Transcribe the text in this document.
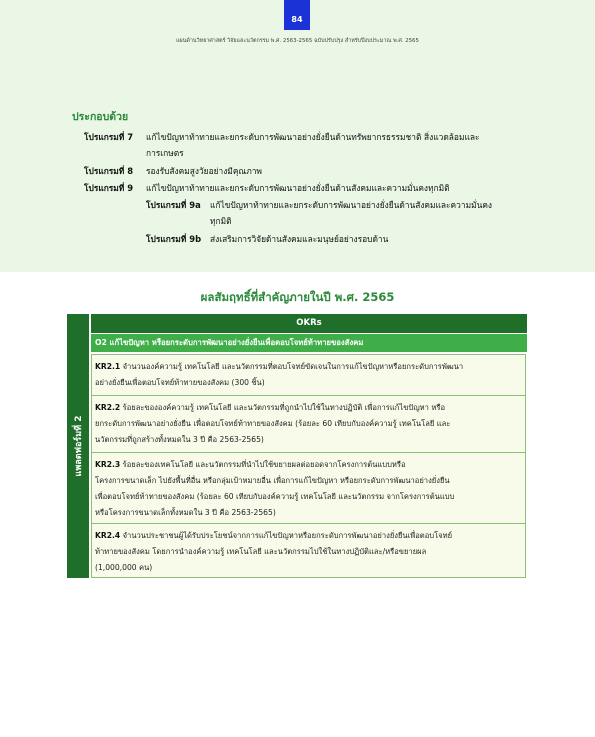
84
แผนด้านวิทยาศาสตร์ วิจัยและนวัตกรรม พ.ศ. 2563-2565 ฉบับปรับปรุง สำหรับปีงบประมาณ พ.ศ. 2565
ประกอบด้วย
โปรแกรมที่ 7 แก้ไขปัญหาท้าทายและยกระดับการพัฒนาอย่างยั่งยืนด้านทรัพยากรธรรมชาติ สิ่งแวดล้อมและ
การเกษตร
โปรแกรมที่ 8 รองรับสังคมสูงวัยอย่างมีคุณภาพ
โปรแกรมที่ 9 แก้ไขปัญหาท้าทายและยกระดับการพัฒนาอย่างยั่งยืนด้านสังคมและความมั่นคงทุกมิติ
โปรแกรมที่ 9a แก้ไขปัญหาท้าทายและยกระดับการพัฒนาอย่างยั่งยืนด้านสังคมและความมั่นคง
ทุกมิติ
โปรแกรมที่ 9b ส่งเสริมการวิจัยด้านสังคมและมนุษย์อย่างรอบด้าน
ผลสัมฤทธิ์ที่สำคัญภายในปี พ.ศ. 2565
แพลตฟอร์มที่ 2
OKRs
O2 แก้ไขปัญหา หรือยกระดับการพัฒนาอย่างยั่งยืนเพื่อตอบโจทย์ท้าทายของสังคม
KR2.1 จำนวนองค์ความรู้ เทคโนโลยี และนวัตกรรมที่ตอบโจทย์ขัดเจนในการแก้ไขปัญหาหรือยกระดับการพัฒนา
อย่างยั่งยืนเพื่อตอบโจทย์ท้าทายของสังคม (300 ชิ้น)
KR2.2 ร้อยละขององค์ความรู้ เทคโนโลยี และนวัตกรรมที่ถูกนำไปใช้ในทางปฏิบัติ เพื่อการแก้ไขปัญหา หรือ
ยกระดับการพัฒนาอย่างยั่งยืน เพื่อตอบโจทย์ท้าทายของสังคม (ร้อยละ 60 เทียบกับองค์ความรู้ เทคโนโลยี และ
นวัตกรรมที่ถูกสร้างทั้งหมดใน 3 ปี คือ 2563-2565)
KR2.3 ร้อยละของเทคโนโลยี และนวัตกรรมที่นำไปใช้ขยายผลต่อยอดจากโครงการต้นแบบหรือ
โครงการขนาดเล็ก ไปยังพื้นที่อื่น หรือกลุ่มเป้าหมายอื่น เพื่อการแก้ไขปัญหา หรือยกระดับการพัฒนาอย่างยั่งยืน
เพื่อตอบโจทย์ท้าทายของสังคม (ร้อยละ 60 เทียบกับองค์ความรู้ เทคโนโลยี และนวัตกรรม จากโครงการต้นแบบ
หรือโครงการขนาดเล็กทั้งหมดใน 3 ปี คือ 2563-2565)
KR2.4 จำนวนประชาชนผู้ได้รับประโยชน์จากการแก้ไขปัญหาหรือยกระดับการพัฒนาอย่างยั่งยืนเพื่อตอบโจทย์
ท้าทายของสังคม โดยการนำองค์ความรู้ เทคโนโลยี และนวัตกรรมไปใช้ในทางปฏิบัติและ/หรือขยายผล
(1,000,000 คน)
